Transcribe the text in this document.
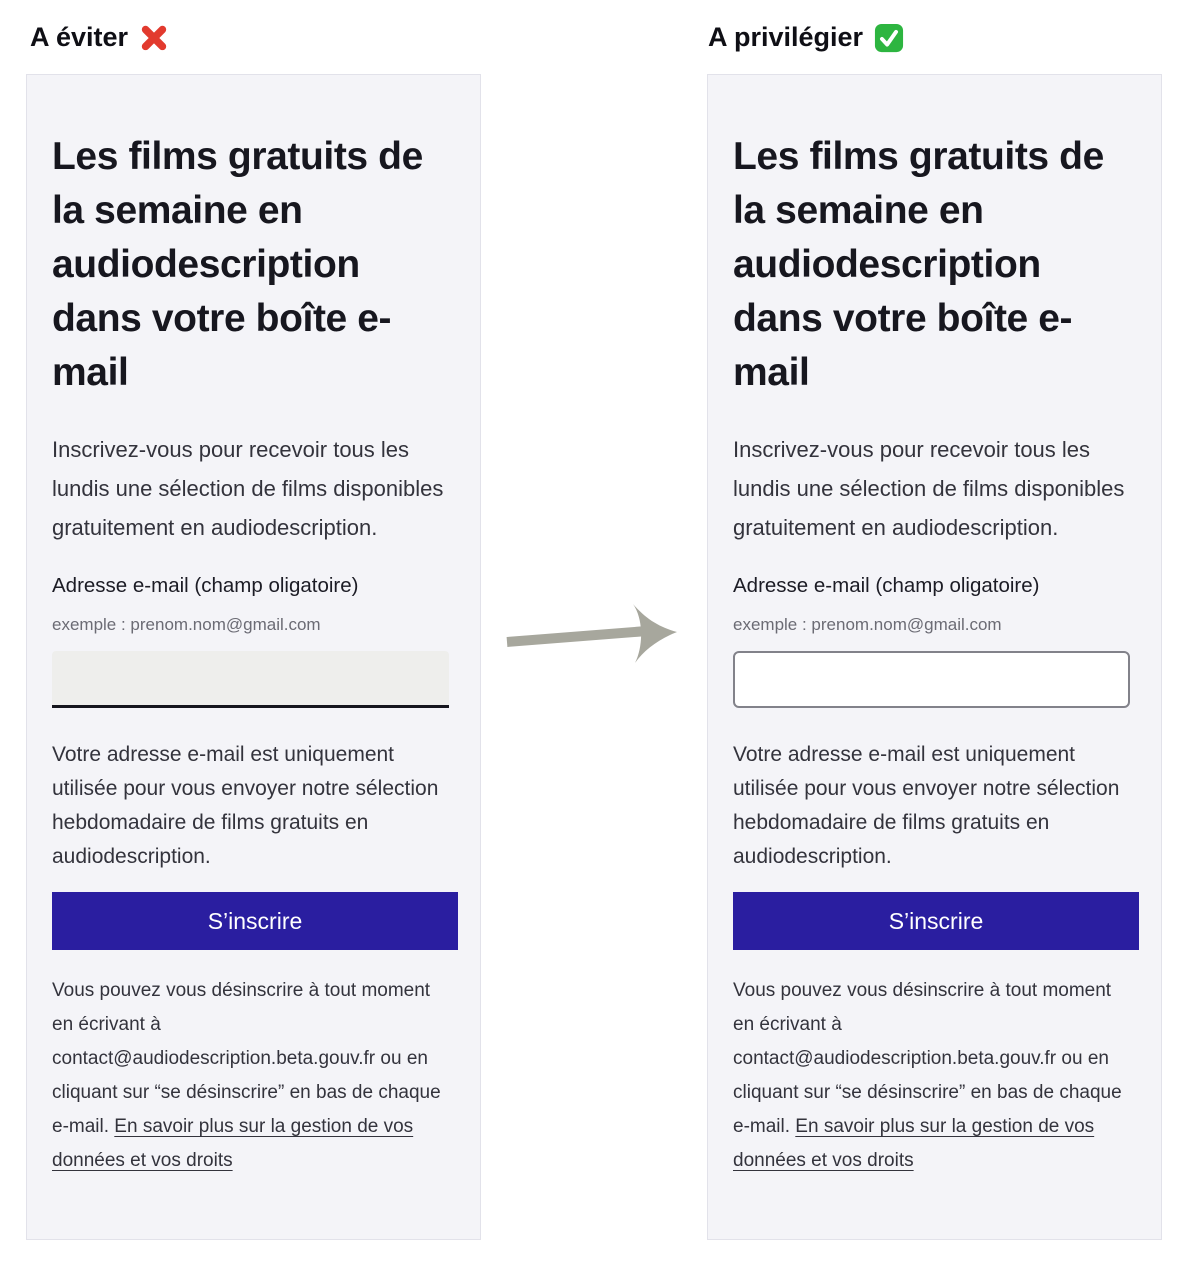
A éviter	A privilégier
Les films gratuits de la semaine en audiodescription dans votre boîte e-mail

Inscrivez-vous pour recevoir tous les lundis une sélection de films disponibles gratuitement en audiodescription.

Adresse e-mail (champ oligatoire)
exemple : prenom.nom@gmail.com

Votre adresse e-mail est uniquement utilisée pour vous envoyer notre sélection hebdomadaire de films gratuits en audiodescription.

S’inscrire

Vous pouvez vous désinscrire à tout moment en écrivant à contact@audiodescription.beta.gouv.fr ou en cliquant sur “se désinscrire” en bas de chaque e-mail. En savoir plus sur la gestion de vos données et vos droits

Les films gratuits de la semaine en audiodescription dans votre boîte e-mail

Inscrivez-vous pour recevoir tous les lundis une sélection de films disponibles gratuitement en audiodescription.

Adresse e-mail (champ oligatoire)
exemple : prenom.nom@gmail.com

Votre adresse e-mail est uniquement utilisée pour vous envoyer notre sélection hebdomadaire de films gratuits en audiodescription.

S’inscrire

Vous pouvez vous désinscrire à tout moment en écrivant à contact@audiodescription.beta.gouv.fr ou en cliquant sur “se désinscrire” en bas de chaque e-mail. En savoir plus sur la gestion de vos données et vos droits
